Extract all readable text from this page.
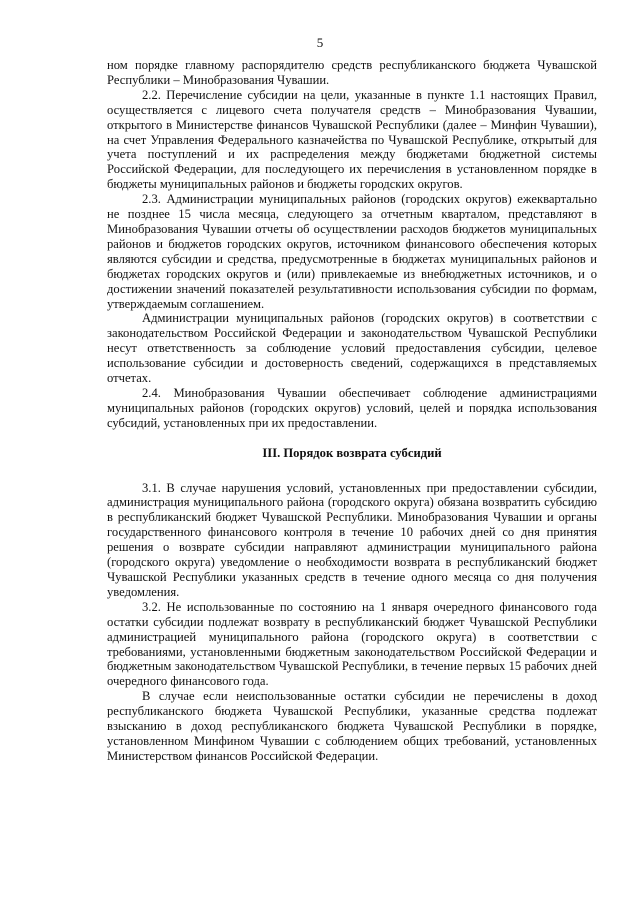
5

ном порядке главному распорядителю средств республиканского бюджета Чувашской Республики – Минобразования Чувашии.

2.2. Перечисление субсидии на цели, указанные в пункте 1.1 настоящих Правил, осуществляется с лицевого счета получателя средств – Минобразования Чувашии, открытого в Министерстве финансов Чувашской Республики (далее – Минфин Чувашии), на счет Управления Федерального казначейства по Чувашской Республике, открытый для учета поступлений и их распределения между бюджетами бюджетной системы Российской Федерации, для последующего их перечисления в установленном порядке в бюджеты муниципальных районов и бюджеты городских округов.

2.3. Администрации муниципальных районов (городских округов) ежеквартально не позднее 15 числа месяца, следующего за отчетным кварталом, представляют в Минобразования Чувашии отчеты об осуществлении расходов бюджетов муниципальных районов и бюджетов городских округов, источником финансового обеспечения которых являются субсидии и средства, предусмотренные в бюджетах муниципальных районов и бюджетах городских округов и (или) привлекаемые из внебюджетных источников, и о достижении значений показателей результативности использования субсидии по формам, утверждаемым соглашением.

Администрации муниципальных районов (городских округов) в соответствии с законодательством Российской Федерации и законодательством Чувашской Республики несут ответственность за соблюдение условий предоставления субсидии, целевое использование субсидии и достоверность сведений, содержащихся в представляемых отчетах.

2.4. Минобразования Чувашии обеспечивает соблюдение администрациями муниципальных районов (городских округов) условий, целей и порядка использования субсидий, установленных при их предоставлении.

III. Порядок возврата субсидий

3.1. В случае нарушения условий, установленных при предоставлении субсидии, администрация муниципального района (городского округа) обязана возвратить субсидию в республиканский бюджет Чувашской Республики. Минобразования Чувашии и органы государственного финансового контроля в течение 10 рабочих дней со дня принятия решения о возврате субсидии направляют администрации муниципального района (городского округа) уведомление о необходимости возврата в республиканский бюджет Чувашской Республики указанных средств в течение одного месяца со дня получения уведомления.

3.2. Не использованные по состоянию на 1 января очередного финансового года остатки субсидии подлежат возврату в республиканский бюджет Чувашской Республики администрацией муниципального района (городского округа) в соответствии с требованиями, установленными бюджетным законодательством Российской Федерации и бюджетным законодательством Чувашской Республики, в течение первых 15 рабочих дней очередного финансового года.

В случае если неиспользованные остатки субсидии не перечислены в доход республиканского бюджета Чувашской Республики, указанные средства подлежат взысканию в доход республиканского бюджета Чувашской Республики в порядке, установленном Минфином Чувашии с соблюдением общих требований, установленных Министерством финансов Российской Федерации.
